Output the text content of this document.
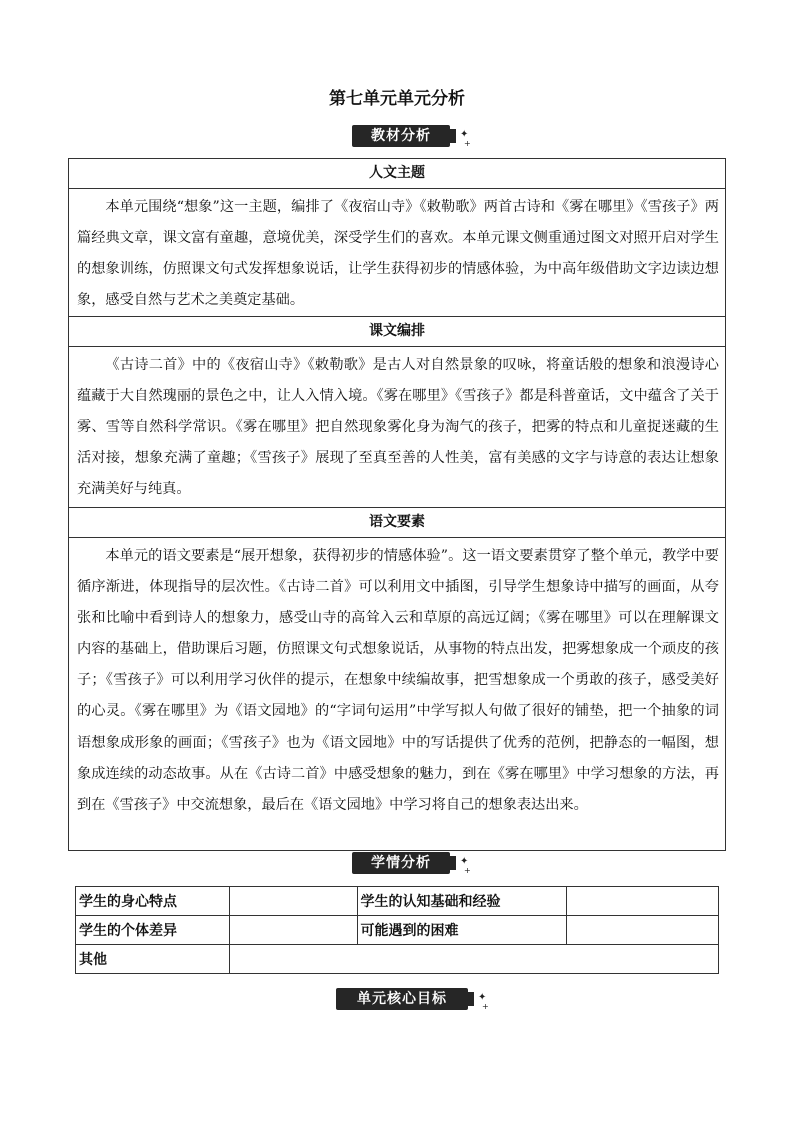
第七单元单元分析
教材分析	✦
+
人文主题
本单元围绕“想象”这一主题，编排了《夜宿山寺》《敕勒歌》两首古诗和《雾在哪里》《雪孩子》两篇经典文章，课文富有童趣，意境优美，深受学生们的喜欢。本单元课文侧重通过图文对照开启对学生的想象训练，仿照课文句式发挥想象说话，让学生获得初步的情感体验，为中高年级借助文字边读边想象，感受自然与艺术之美奠定基础。
课文编排
《古诗二首》中的《夜宿山寺》《敕勒歌》是古人对自然景象的叹咏，将童话般的想象和浪漫诗心蕴藏于大自然瑰丽的景色之中，让人入情入境。《雾在哪里》《雪孩子》都是科普童话，文中蕴含了关于雾、雪等自然科学常识。《雾在哪里》把自然现象雾化身为淘气的孩子，把雾的特点和儿童捉迷藏的生活对接，想象充满了童趣；《雪孩子》展现了至真至善的人性美，富有美感的文字与诗意的表达让想象充满美好与纯真。
语文要素
本单元的语文要素是“展开想象，获得初步的情感体验”。这一语文要素贯穿了整个单元，教学中要循序渐进，体现指导的层次性。《古诗二首》可以利用文中插图，引导学生想象诗中描写的画面，从夸张和比喻中看到诗人的想象力，感受山寺的高耸入云和草原的高远辽阔；《雾在哪里》可以在理解课文内容的基础上，借助课后习题，仿照课文句式想象说话，从事物的特点出发，把雾想象成一个顽皮的孩子；《雪孩子》可以利用学习伙伴的提示，在想象中续编故事，把雪想象成一个勇敢的孩子，感受美好的心灵。《雾在哪里》为《语文园地》的“字词句运用”中学写拟人句做了很好的铺垫，把一个抽象的词语想象成形象的画面；《雪孩子》也为《语文园地》中的写话提供了优秀的范例，把静态的一幅图，想象成连续的动态故事。从在《古诗二首》中感受想象的魅力，到在《雾在哪里》中学习想象的方法，再到在《雪孩子》中交流想象，最后在《语文园地》中学习将自己的想象表达出来。
学情分析	✦
+
学生的身心特点		学生的认知基础和经验	
学生的个体差异		可能遇到的困难	
其他			
单元核心目标	✦
+
